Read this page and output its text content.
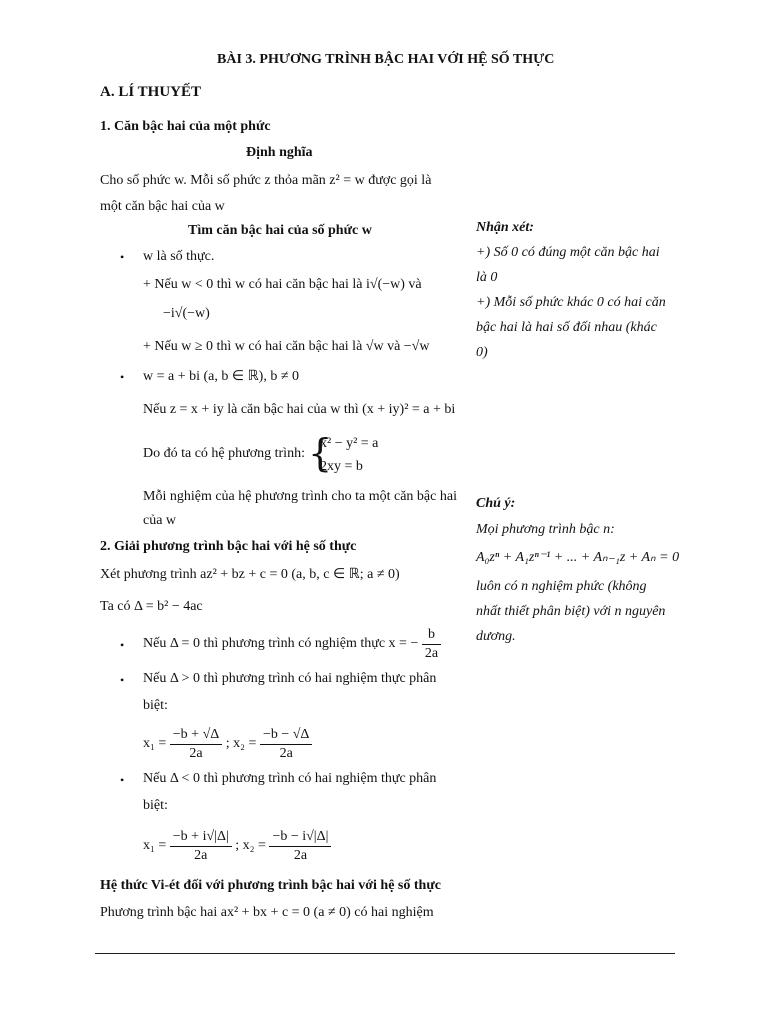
BÀI 3. PHƯƠNG TRÌNH BẬC HAI VỚI HỆ SỐ THỰC
A. LÍ THUYẾT
1. Căn bậc hai của một phức
Định nghĩa
Cho số phức w. Mỗi số phức z thỏa mãn z² = w được gọi là
một căn bậc hai của w
Tìm căn bậc hai của số phức w
• w là số thực.
+ Nếu w < 0 thì w có hai căn bậc hai là i√(−w) và
−i√(−w)
+ Nếu w ≥ 0 thì w có hai căn bậc hai là √w và −√w
• w = a + bi (a, b ∈ ℝ), b ≠ 0
Nếu z = x + iy là căn bậc hai của w thì (x + iy)² = a + bi
Do đó ta có hệ phương trình: {
x² − y² = a
2xy = b
Mỗi nghiệm của hệ phương trình cho ta một căn bậc hai
của w
2. Giải phương trình bậc hai với hệ số thực
Xét phương trình az² + bz + c = 0 (a, b, c ∈ ℝ; a ≠ 0)
Ta có Δ = b² − 4ac
• Nếu Δ = 0 thì phương trình có nghiệm thực x = − $\frac{b}{2a}$
• Nếu Δ > 0 thì phương trình có hai nghiệm thực phân
biệt:
$x_1 = \frac{-b + √\Delta}{2a}$ ; $x_2 = \frac{-b - √\Delta}{2a}$
• Nếu Δ < 0 thì phương trình có hai nghiệm thực phân
biệt:
$x_1 = \frac{-b + i√|\Delta|}{2a}$ ; $x_2 = \frac{-b - i√|\Delta|}{2a}$
Hệ thức Vi-ét đối với phương trình bậc hai với hệ số thực
Phương trình bậc hai ax² + bx + c = 0 (a ≠ 0) có hai nghiệm
Nhận xét:
+) Số 0 có đúng một căn bậc hai
là 0
+) Mỗi số phức khác 0 có hai căn
bậc hai là hai số đối nhau (khác
0)
Chú ý:
Mọi phương trình bậc n:
A₀zⁿ + A₁zⁿ⁻¹ + ... + Aₙ₋₁z + Aₙ = 0
luôn có n nghiệm phức (không
nhất thiết phân biệt) với n nguyên
dương.
